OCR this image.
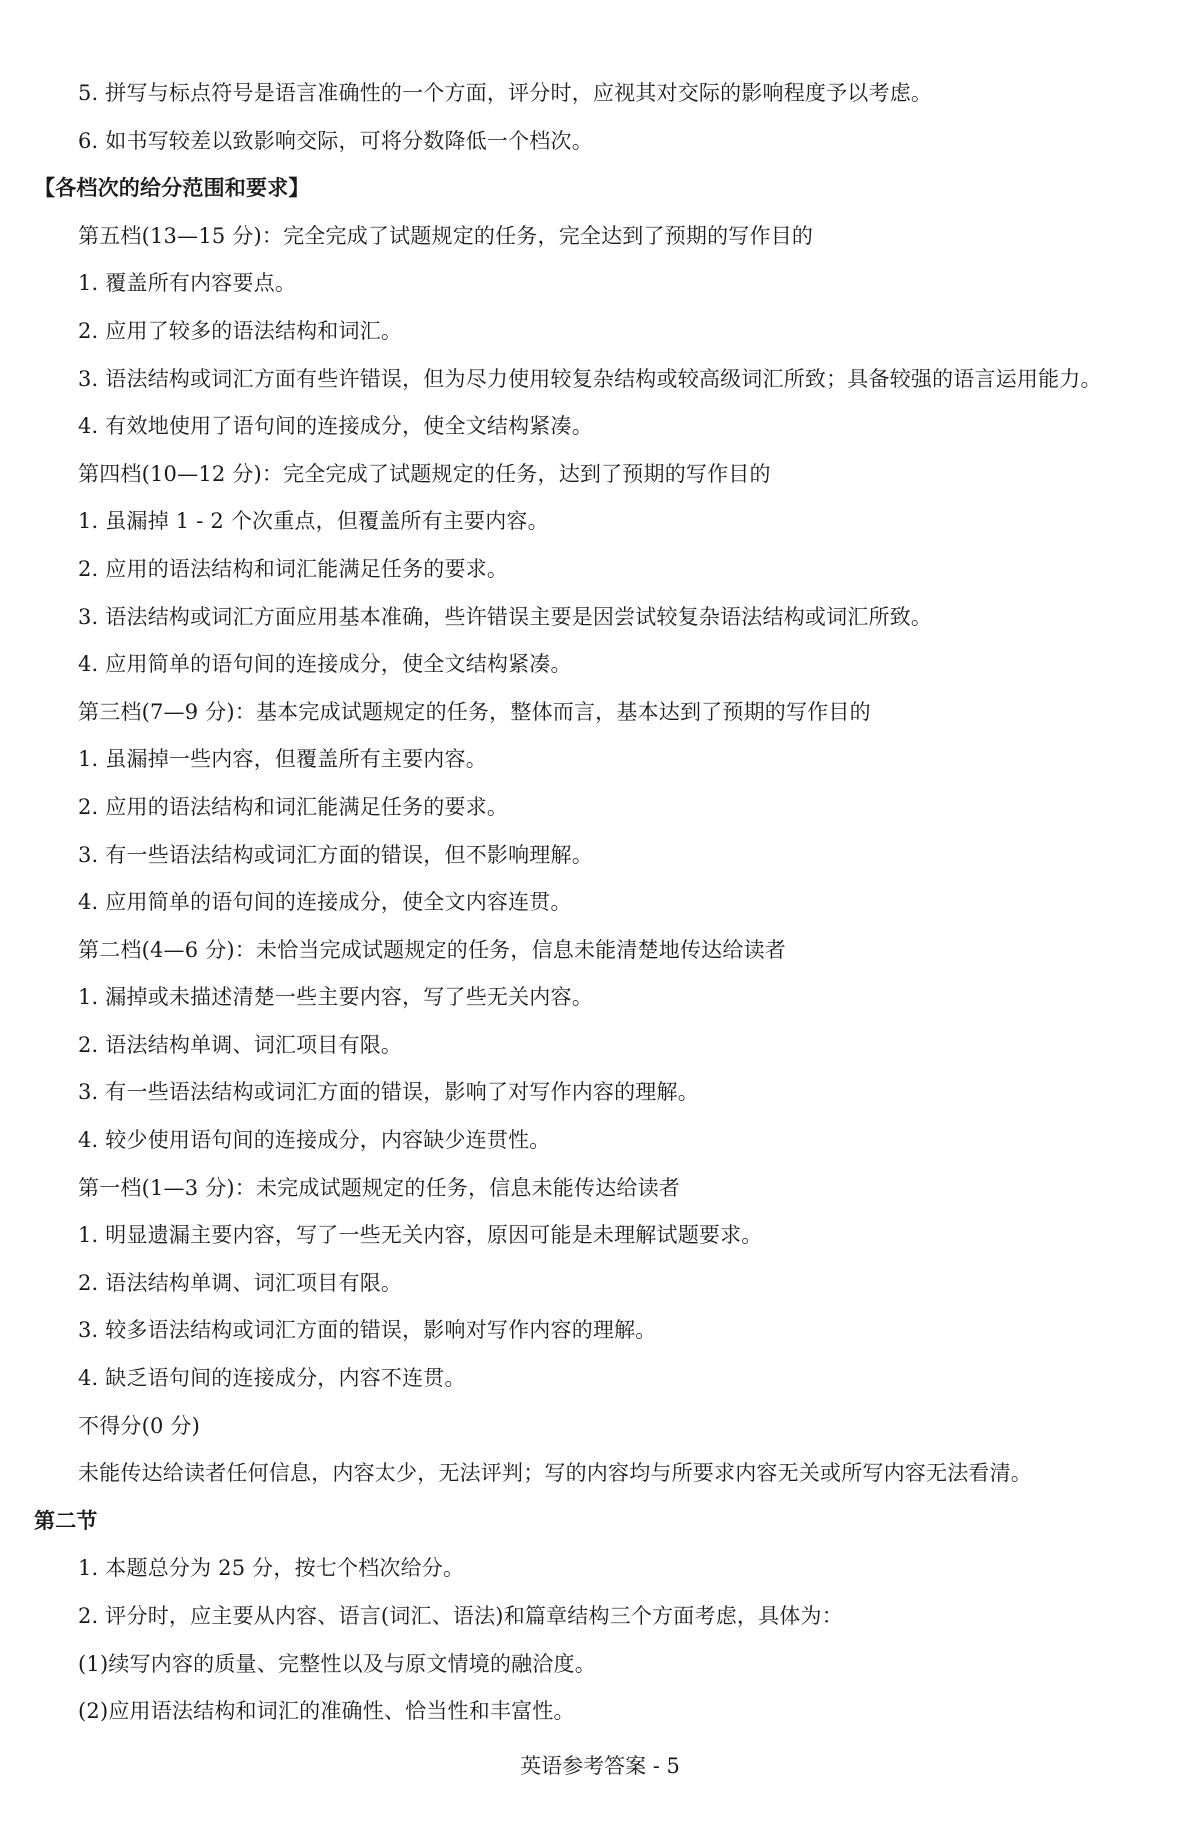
5. 拼写与标点符号是语言准确性的一个方面，评分时，应视其对交际的影响程度予以考虑。
6. 如书写较差以致影响交际，可将分数降低一个档次。
【各档次的给分范围和要求】
第五档(13—15 分)：完全完成了试题规定的任务，完全达到了预期的写作目的
1. 覆盖所有内容要点。
2. 应用了较多的语法结构和词汇。
3. 语法结构或词汇方面有些许错误，但为尽力使用较复杂结构或较高级词汇所致；具备较强的语言运用能力。
4. 有效地使用了语句间的连接成分，使全文结构紧凑。
第四档(10—12 分)：完全完成了试题规定的任务，达到了预期的写作目的
1. 虽漏掉 1 - 2 个次重点，但覆盖所有主要内容。
2. 应用的语法结构和词汇能满足任务的要求。
3. 语法结构或词汇方面应用基本准确，些许错误主要是因尝试较复杂语法结构或词汇所致。
4. 应用简单的语句间的连接成分，使全文结构紧凑。
第三档(7—9 分)：基本完成试题规定的任务，整体而言，基本达到了预期的写作目的
1. 虽漏掉一些内容，但覆盖所有主要内容。
2. 应用的语法结构和词汇能满足任务的要求。
3. 有一些语法结构或词汇方面的错误，但不影响理解。
4. 应用简单的语句间的连接成分，使全文内容连贯。
第二档(4—6 分)：未恰当完成试题规定的任务，信息未能清楚地传达给读者
1. 漏掉或未描述清楚一些主要内容，写了些无关内容。
2. 语法结构单调、词汇项目有限。
3. 有一些语法结构或词汇方面的错误，影响了对写作内容的理解。
4. 较少使用语句间的连接成分，内容缺少连贯性。
第一档(1—3 分)：未完成试题规定的任务，信息未能传达给读者
1. 明显遗漏主要内容，写了一些无关内容，原因可能是未理解试题要求。
2. 语法结构单调、词汇项目有限。
3. 较多语法结构或词汇方面的错误，影响对写作内容的理解。
4. 缺乏语句间的连接成分，内容不连贯。
不得分(0 分)
未能传达给读者任何信息，内容太少，无法评判；写的内容均与所要求内容无关或所写内容无法看清。
第二节
1. 本题总分为 25 分，按七个档次给分。
2. 评分时，应主要从内容、语言(词汇、语法)和篇章结构三个方面考虑，具体为：
(1)续写内容的质量、完整性以及与原文情境的融洽度。
(2)应用语法结构和词汇的准确性、恰当性和丰富性。
英语参考答案 - 5
